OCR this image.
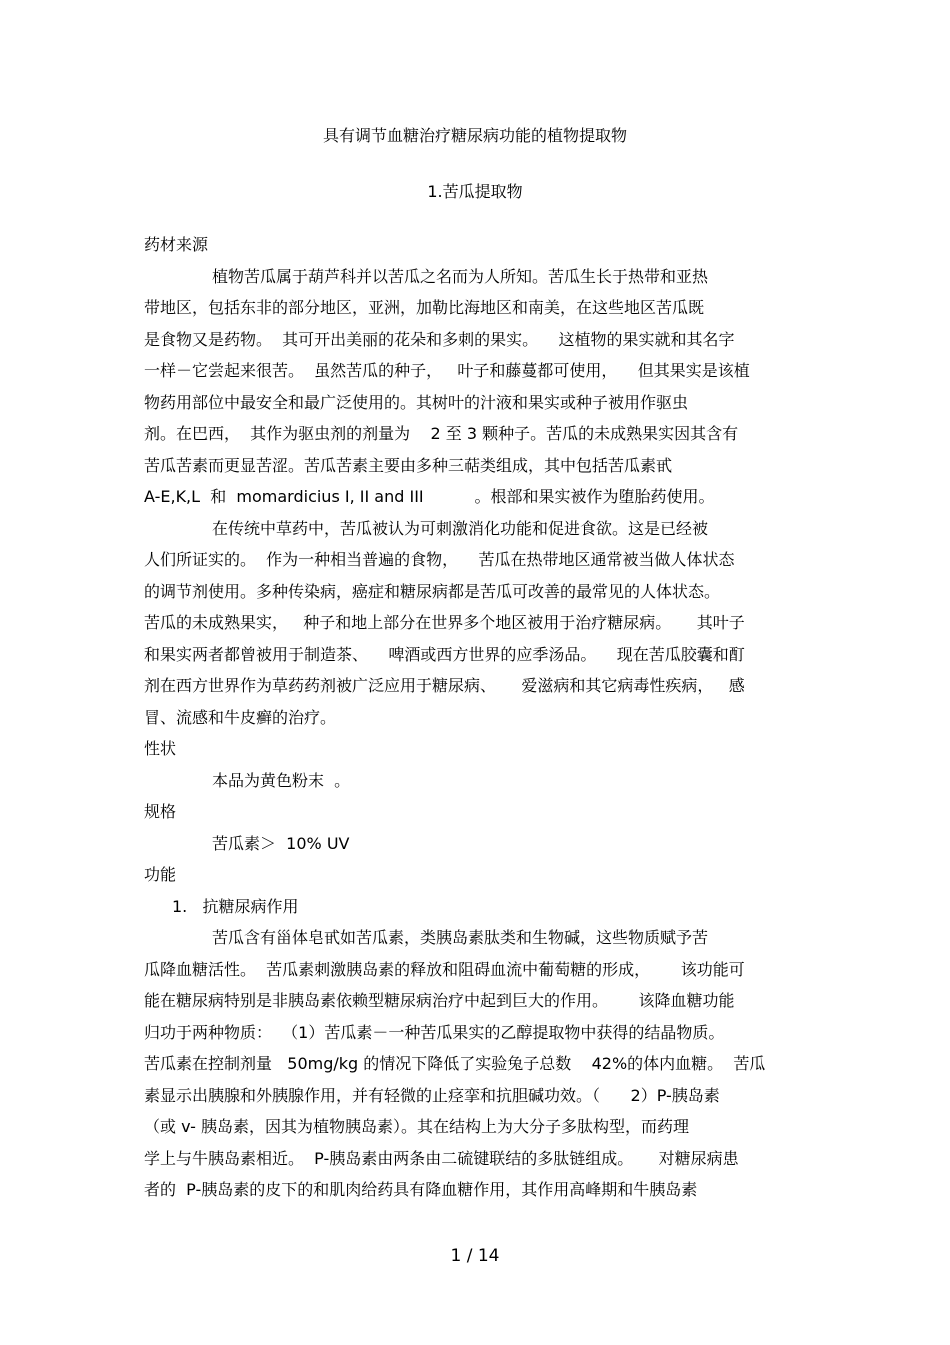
具有调节血糖治疗糖尿病功能的植物提取物
1.苦瓜提取物
药材来源
植物苦瓜属于葫芦科并以苦瓜之名而为人所知。苦瓜生长于热带和亚热
带地区，包括东非的部分地区，亚洲，加勒比海地区和南美，在这些地区苦瓜既
是食物又是药物。  其可开出美丽的花朵和多刺的果实。    这植物的果实就和其名字
一样－它尝起来很苦。  虽然苦瓜的种子，   叶子和藤蔓都可使用，    但其果实是该植
物药用部位中最安全和最广泛使用的。其树叶的汁液和果实或种子被用作驱虫
剂。在巴西，  其作为驱虫剂的剂量为    2 至 3 颗种子。苦瓜的未成熟果实因其含有
苦瓜苦素而更显苦涩。苦瓜苦素主要由多种三萜类组成，其中包括苦瓜素甙
A-E,K,L  和  momardicius I, II and III          。根部和果实被作为堕胎药使用。
在传统中草药中，苦瓜被认为可刺激消化功能和促进食欲。这是已经被
人们所证实的。  作为一种相当普遍的食物，    苦瓜在热带地区通常被当做人体状态
的调节剂使用。多种传染病，癌症和糖尿病都是苦瓜可改善的最常见的人体状态。
苦瓜的未成熟果实，   种子和地上部分在世界多个地区被用于治疗糖尿病。     其叶子
和果实两者都曾被用于制造茶、    啤酒或西方世界的应季汤品。    现在苦瓜胶囊和酊
剂在西方世界作为草药药剂被广泛应用于糖尿病、     爱滋病和其它病毒性疾病，   感
冒、流感和牛皮癣的治疗。
性状
本品为黄色粉末  。
规格
苦瓜素＞  10% UV
功能
1.   抗糖尿病作用
苦瓜含有甾体皂甙如苦瓜素，类胰岛素肽类和生物碱，这些物质赋予苦
瓜降血糖活性。  苦瓜素刺激胰岛素的释放和阻碍血流中葡萄糖的形成，      该功能可
能在糖尿病特别是非胰岛素依赖型糖尿病治疗中起到巨大的作用。      该降血糖功能
归功于两种物质：  （1）苦瓜素－一种苦瓜果实的乙醇提取物中获得的结晶物质。
苦瓜素在控制剂量   50mg/kg 的情况下降低了实验兔子总数    42%的体内血糖。  苦瓜
素显示出胰腺和外胰腺作用，并有轻微的止痉挛和抗胆碱功效。（      2）P-胰岛素
（或 v- 胰岛素，因其为植物胰岛素）。其在结构上为大分子多肽构型，而药理
学上与牛胰岛素相近。  P-胰岛素由两条由二硫键联结的多肽链组成。     对糖尿病患
者的  P-胰岛素的皮下的和肌肉给药具有降血糖作用，其作用高峰期和牛胰岛素
1 / 14
